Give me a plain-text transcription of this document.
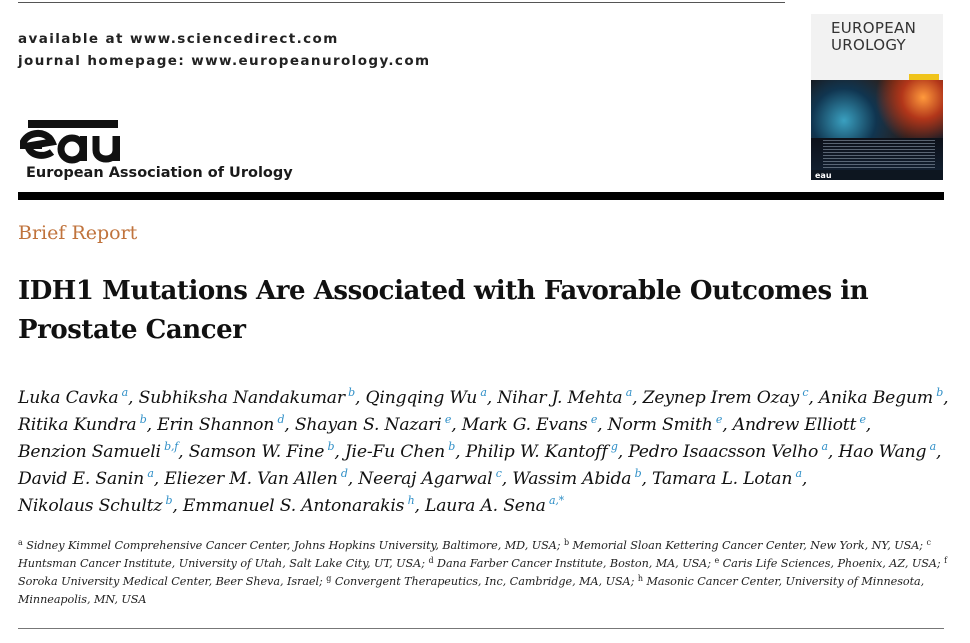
available at www.sciencedirect.com
journal homepage: www.europeanurology.com
European Association of Urology
EUROPEAN
UROLOGY
eau
Brief Report
IDH1 Mutations Are Associated with Favorable Outcomes in Prostate Cancer
Luka Cavka $^a$, Subhiksha Nandakumar $^b$, Qingqing Wu $^a$, Nihar J. Mehta $^a$, Zeynep Irem Ozay $^c$, Anika Begum $^b$, Ritika Kundra $^b$, Erin Shannon $^d$, Shayan S. Nazari $^e$, Mark G. Evans $^e$, Norm Smith $^e$, Andrew Elliott $^e$, Benzion Samueli $^{b,f}$, Samson W. Fine $^b$, Jie-Fu Chen $^b$, Philip W. Kantoff $^g$, Pedro Isaacsson Velho $^a$, Hao Wang $^a$, David E. Sanin $^a$, Eliezer M. Van Allen $^d$, Neeraj Agarwal $^c$, Wassim Abida $^b$, Tamara L. Lotan $^a$, Nikolaus Schultz $^b$, Emmanuel S. Antonarakis $^h$, Laura A. Sena $^{a,*}$
$^a$ Sidney Kimmel Comprehensive Cancer Center, Johns Hopkins University, Baltimore, MD, USA; $^b$ Memorial Sloan Kettering Cancer Center, New York, NY, USA; $^c$ Huntsman Cancer Institute, University of Utah, Salt Lake City, UT, USA; $^d$ Dana Farber Cancer Institute, Boston, MA, USA; $^e$ Caris Life Sciences, Phoenix, AZ, USA; $^f$ Soroka University Medical Center, Beer Sheva, Israel; $^g$ Convergent Therapeutics, Inc, Cambridge, MA, USA; $^h$ Masonic Cancer Center, University of Minnesota, Minneapolis, MN, USA
